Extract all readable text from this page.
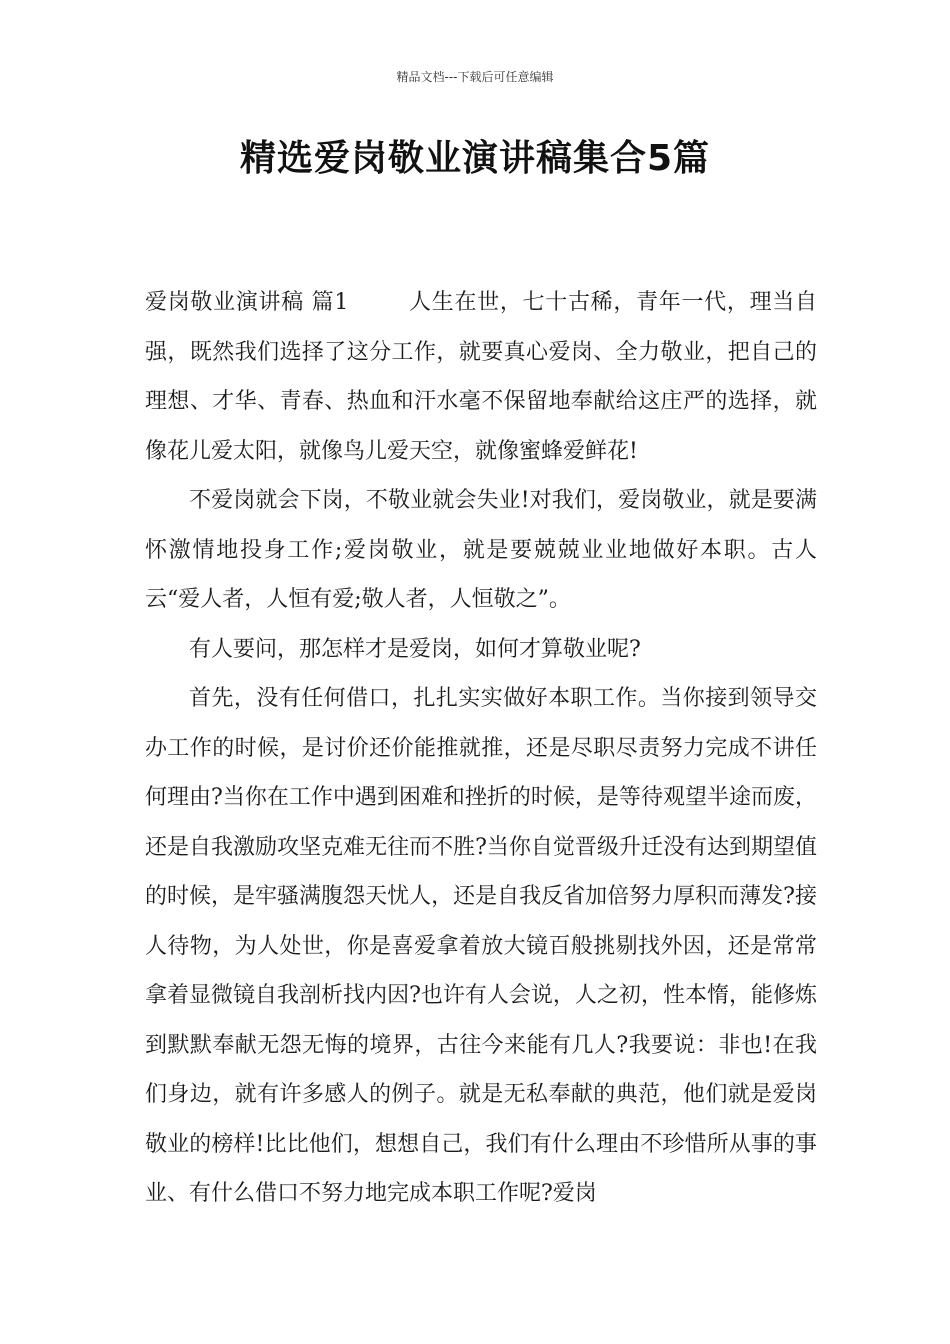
精品文档---下载后可任意编辑
精选爱岗敬业演讲稿集合5篇

爱岗敬业演讲稿 篇1	人生在世，七十古稀，青年一代，理当自强，既然我们选择了这分工作，就要真心爱岗、全力敬业，把自己的理想、才华、青春、热血和汗水毫不保留地奉献给这庄严的选择，就像花儿爱太阳，就像鸟儿爱天空，就像蜜蜂爱鲜花!

不爱岗就会下岗，不敬业就会失业!对我们，爱岗敬业，就是要满怀激情地投身工作;爱岗敬业，就是要兢兢业业地做好本职。古人云“爱人者，人恒有爱;敬人者，人恒敬之”。

有人要问，那怎样才是爱岗，如何才算敬业呢?

首先，没有任何借口，扎扎实实做好本职工作。当你接到领导交办工作的时候，是讨价还价能推就推，还是尽职尽责努力完成不讲任何理由?当你在工作中遇到困难和挫折的时候，是等待观望半途而废，还是自我激励攻坚克难无往而不胜?当你自觉晋级升迁没有达到期望值的时候，是牢骚满腹怨天忧人，还是自我反省加倍努力厚积而薄发?接人待物，为人处世，你是喜爱拿着放大镜百般挑剔找外因，还是常常拿着显微镜自我剖析找内因?也许有人会说，人之初，性本惰，能修炼到默默奉献无怨无悔的境界，古往今来能有几人?我要说：非也!在我们身边，就有许多感人的例子。就是无私奉献的典范，他们就是爱岗敬业的榜样!比比他们，想想自己，我们有什么理由不珍惜所从事的事业、有什么借口不努力地完成本职工作呢?爱岗
